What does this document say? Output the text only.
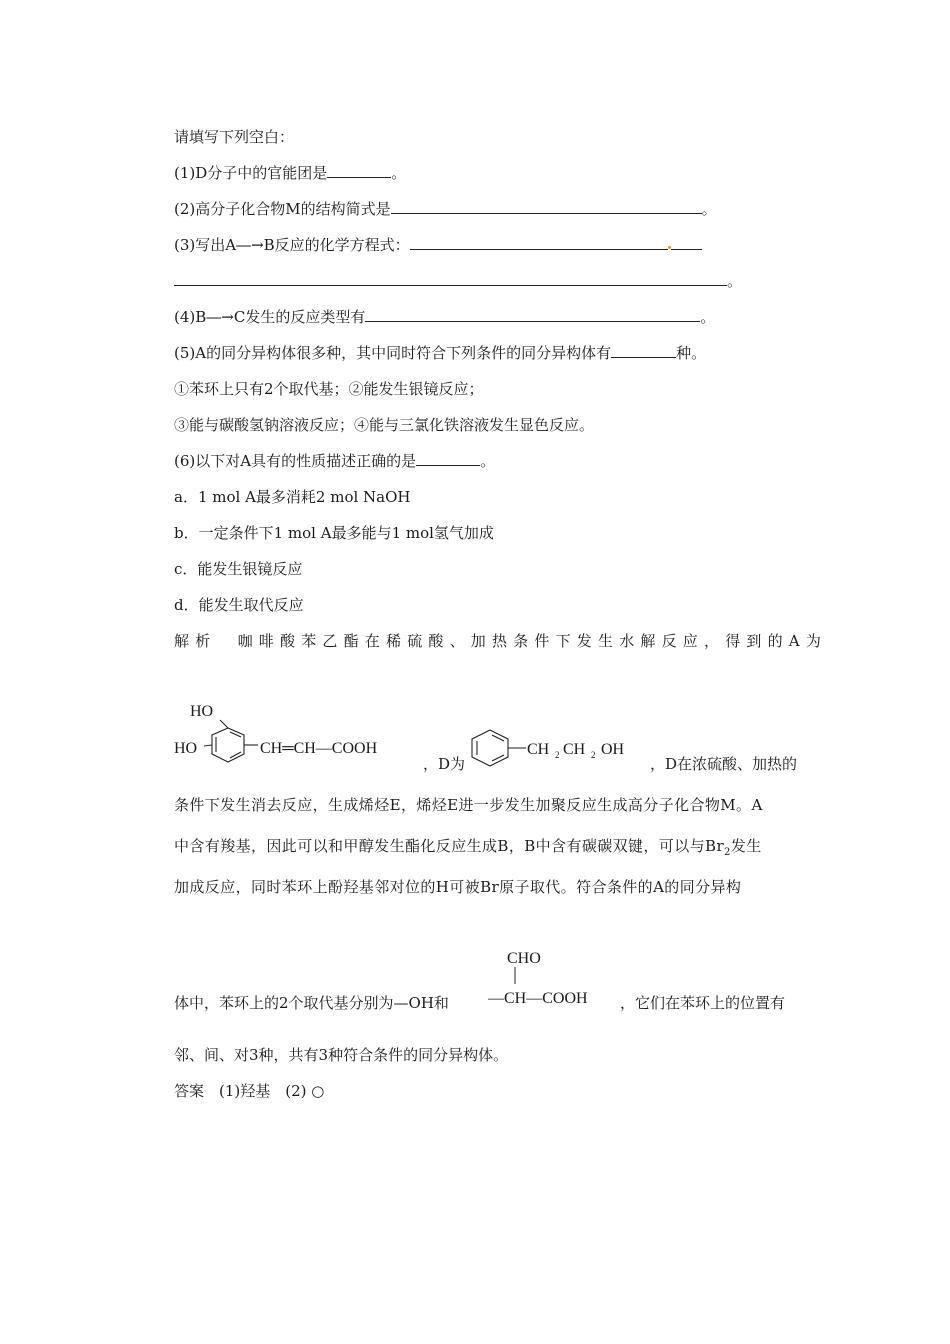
请填写下列空白：
(1)D分子中的官能团是	。
(2)高分子化合物M的结构简式是	。
(3)写出A―→B反应的化学方程式：
。
(4)B―→C发生的反应类型有	。
(5)A的同分异构体很多种，其中同时符合下列条件的同分异构体有	种。
①苯环上只有2个取代基；②能发生银镜反应；
③能与碳酸氢钠溶液反应；④能与三氯化铁溶液发生显色反应。
(6)以下对A具有的性质描述正确的是	。
a．1 mol A最多消耗2 mol NaOH
b．一定条件下1 mol A最多能与1 mol氢气加成
c．能发生银镜反应
d．能发生取代反应
解析　咖啡酸苯乙酯在稀硫酸、加热条件下发生水解反应，得到的A为
HO
HO	CH═CH—COOH
，D为
CH 2 CH 2 OH
，D在浓硫酸、加热的
条件下发生消去反应，生成烯烃E，烯烃E进一步发生加聚反应生成高分子化合物M。A
中含有羧基，因此可以和甲醇发生酯化反应生成B，B中含有碳碳双键，可以与$Br_2$发生
加成反应，同时苯环上酚羟基邻对位的H可被Br原子取代。符合条件的A的同分异构
CHO
—CH—COOH
体中，苯环上的2个取代基分别为—OH和	，它们在苯环上的位置有
邻、间、对3种，共有3种符合条件的同分异构体。
答案　(1)羟基　(2) ○
